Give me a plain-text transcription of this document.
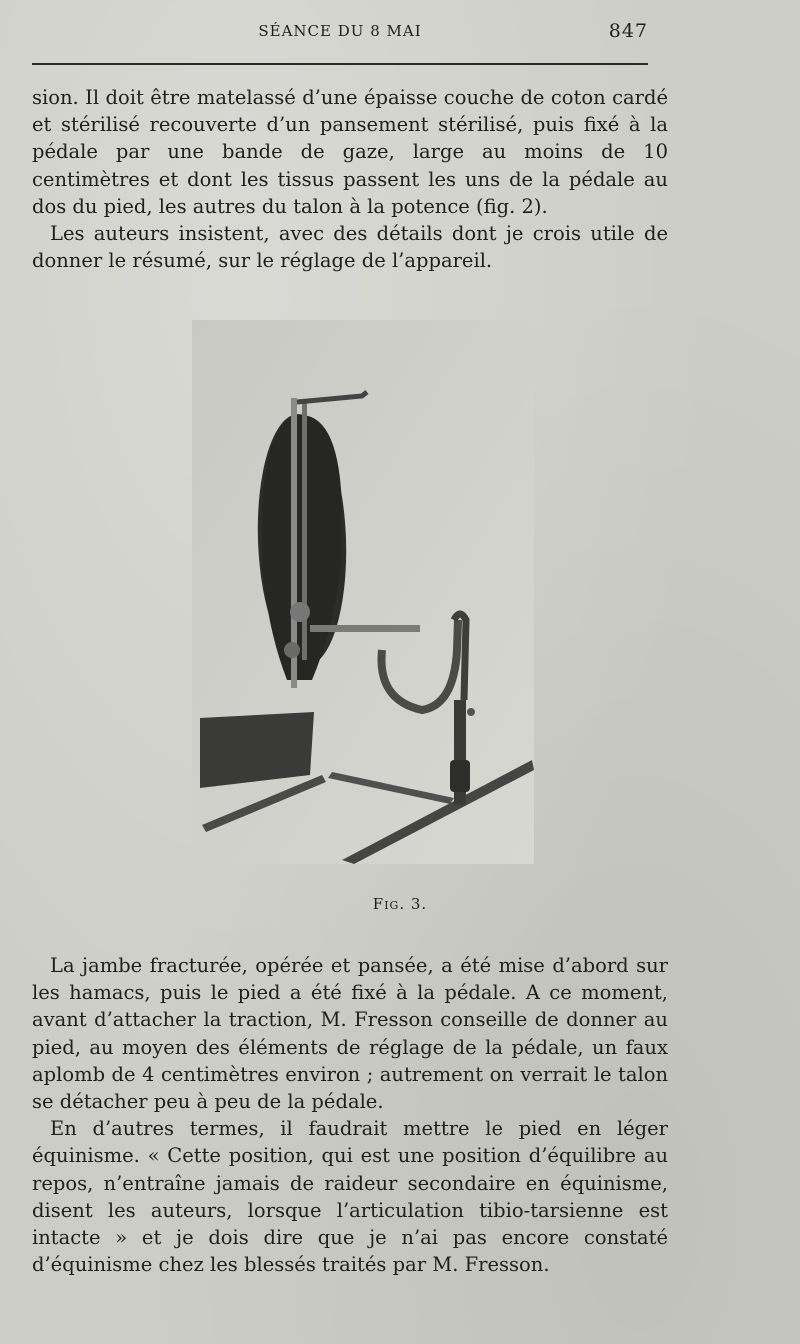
SÉANCE DU 8 MAI	847

sion. Il doit être matelassé d’une épaisse couche de coton cardé et stérilisé recouverte d’un pansement stérilisé, puis fixé à la pédale par une bande de gaze, large au moins de 10 centimètres et dont les tissus passent les uns de la pédale au dos du pied, les autres du talon à la potence (fig. 2).

Les auteurs insistent, avec des détails dont je crois utile de donner le résumé, sur le réglage de l’appareil.

Fig. 3.

La jambe fracturée, opérée et pansée, a été mise d’abord sur les hamacs, puis le pied a été fixé à la pédale. A ce moment, avant d’attacher la traction, M. Fresson conseille de donner au pied, au moyen des éléments de réglage de la pédale, un faux aplomb de 4 centimètres environ ; autrement on verrait le talon se détacher peu à peu de la pédale.

En d’autres termes, il faudrait mettre le pied en léger équinisme. « Cette position, qui est une position d’équilibre au repos, n’entraîne jamais de raideur secondaire en équinisme, disent les auteurs, lorsque l’articulation tibio-tarsienne est intacte » et je dois dire que je n’ai pas encore constaté d’équinisme chez les blessés traités par M. Fresson.
